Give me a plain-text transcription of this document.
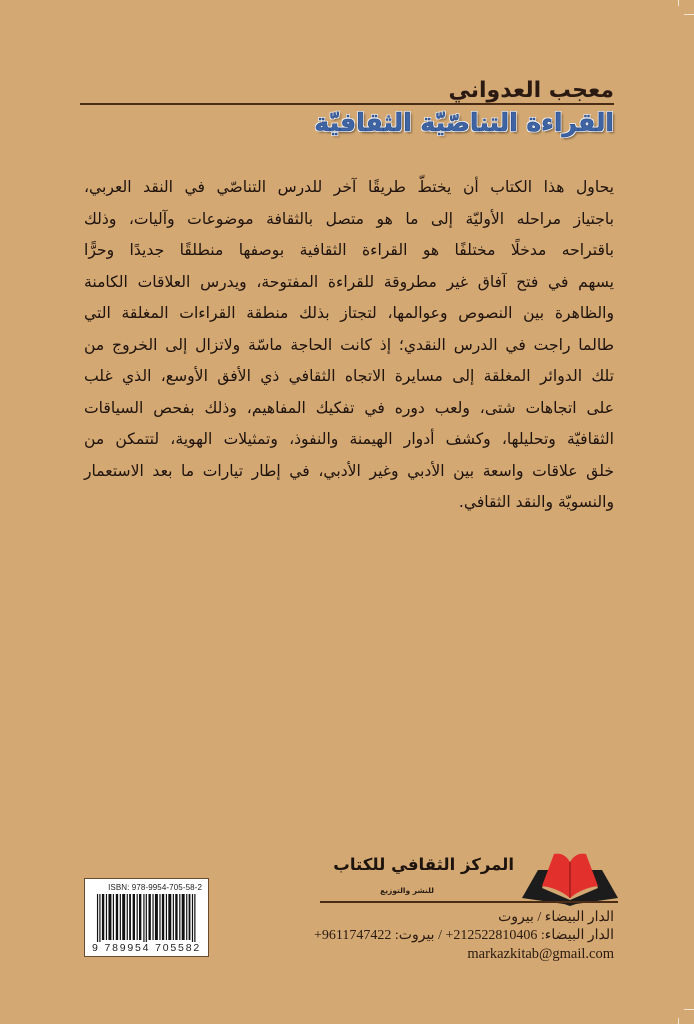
معجب العدواني
القراءة التناصّيّة الثقافيّة
يحاول هذا الكتاب أن يختطّ طريقًا آخر للدرس التناصّي في النقد العربي،
باجتياز مراحله الأوليّة إلى ما هو متصل بالثقافة موضوعات وآليات، وذلك
باقتراحه مدخلًا مختلفًا هو القراءة الثقافية بوصفها منطلقًا جديدًا وحرًّا
يسهم في فتح آفاق غير مطروقة للقراءة المفتوحة، ويدرس العلاقات الكامنة
والظاهرة بين النصوص وعوالمها، لتجتاز بذلك منطقة القراءات المغلقة التي
طالما راجت في الدرس النقدي؛ إذ كانت الحاجة ماسّة ولاتزال إلى الخروج من
تلك الدوائر المغلقة إلى مسايرة الاتجاه الثقافي ذي الأفق الأوسع، الذي غلب
على اتجاهات شتى، ولعب دوره في تفكيك المفاهيم، وذلك بفحص السياقات
الثقافيّة وتحليلها، وكشف أدوار الهيمنة والنفوذ، وتمثيلات الهوية، لتتمكن من
خلق علاقات واسعة بين الأدبي وغير الأدبي، في إطار تيارات ما بعد الاستعمار
والنسويّة والنقد الثقافي.
ISBN: 978-9954-705-58-2
9 789954 705582
المركز الثقافي للكتاب
للنشر والتوزيع
الدار البيضاء / بيروت
الدار البيضاء: 212522810406+ / بيروت: 9611747422+
markazkitab@gmail.com
